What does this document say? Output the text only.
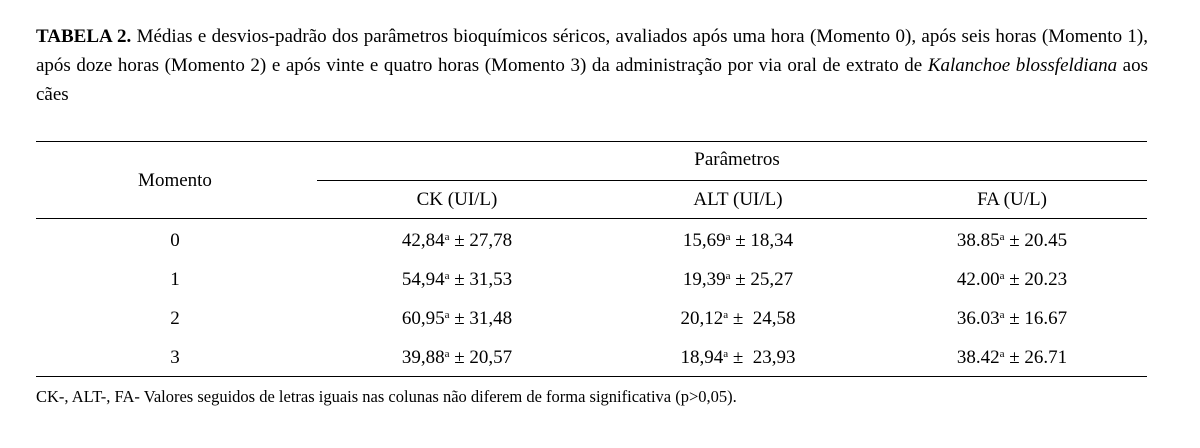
TABELA 2. Médias e desvios-padrão dos parâmetros bioquímicos séricos, avaliados após uma hora (Momento 0), após seis horas (Momento 1), após doze horas (Momento 2) e após vinte e quatro horas (Momento 3) da administração por via oral de extrato de Kalanchoe blossfeldiana aos cães

Momento
Parâmetros
CK (UI/L)	ALT (UI/L)	FA (U/L)
0	42,84$^a$ ± 27,78	15,69$^a$ ± 18,34	38.85$^a$ ± 20.45
1	54,94$^a$ ± 31,53	19,39$^a$ ± 25,27	42.00$^a$ ± 20.23
2	60,95$^a$ ± 31,48	20,12$^a$ ±  24,58	36.03$^a$ ± 16.67
3	39,88$^a$ ± 20,57	18,94$^a$ ±  23,93	38.42$^a$ ± 26.71
CK-, ALT-, FA- Valores seguidos de letras iguais nas colunas não diferem de forma significativa (p>0,05).
